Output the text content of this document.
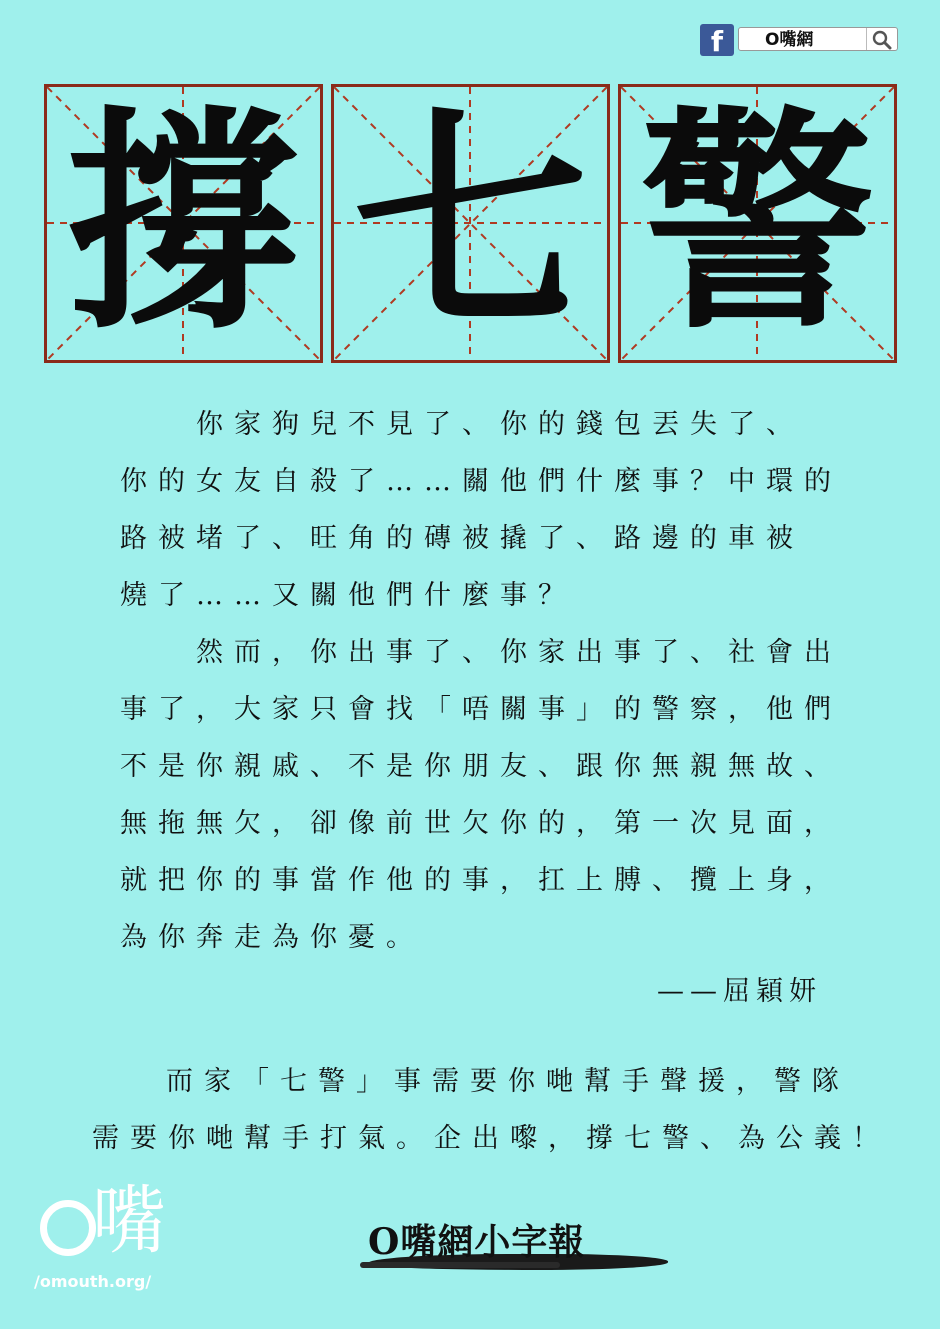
f	O嘴網
撐 七 警

你家狗兒不見了、你的錢包丟失了、

你的女友自殺了……關他們什麼事？中環的

路被堵了、旺角的磚被撬了、路邊的車被

燒了……又關他們什麼事？

然而，你出事了、你家出事了、社會出

事了，大家只會找「唔關事」的警察，他們

不是你親戚、不是你朋友、跟你無親無故、

無拖無欠，卻像前世欠你的，第一次見面，

就把你的事當作他的事，扛上膊、攬上身，

為你奔走為你憂。

——屈穎妍

而家「七警」事需要你哋幫手聲援，警隊

需要你哋幫手打氣。企出嚟，撐七警、為公義！

嘴
/omouth.org/
O嘴網小字報
